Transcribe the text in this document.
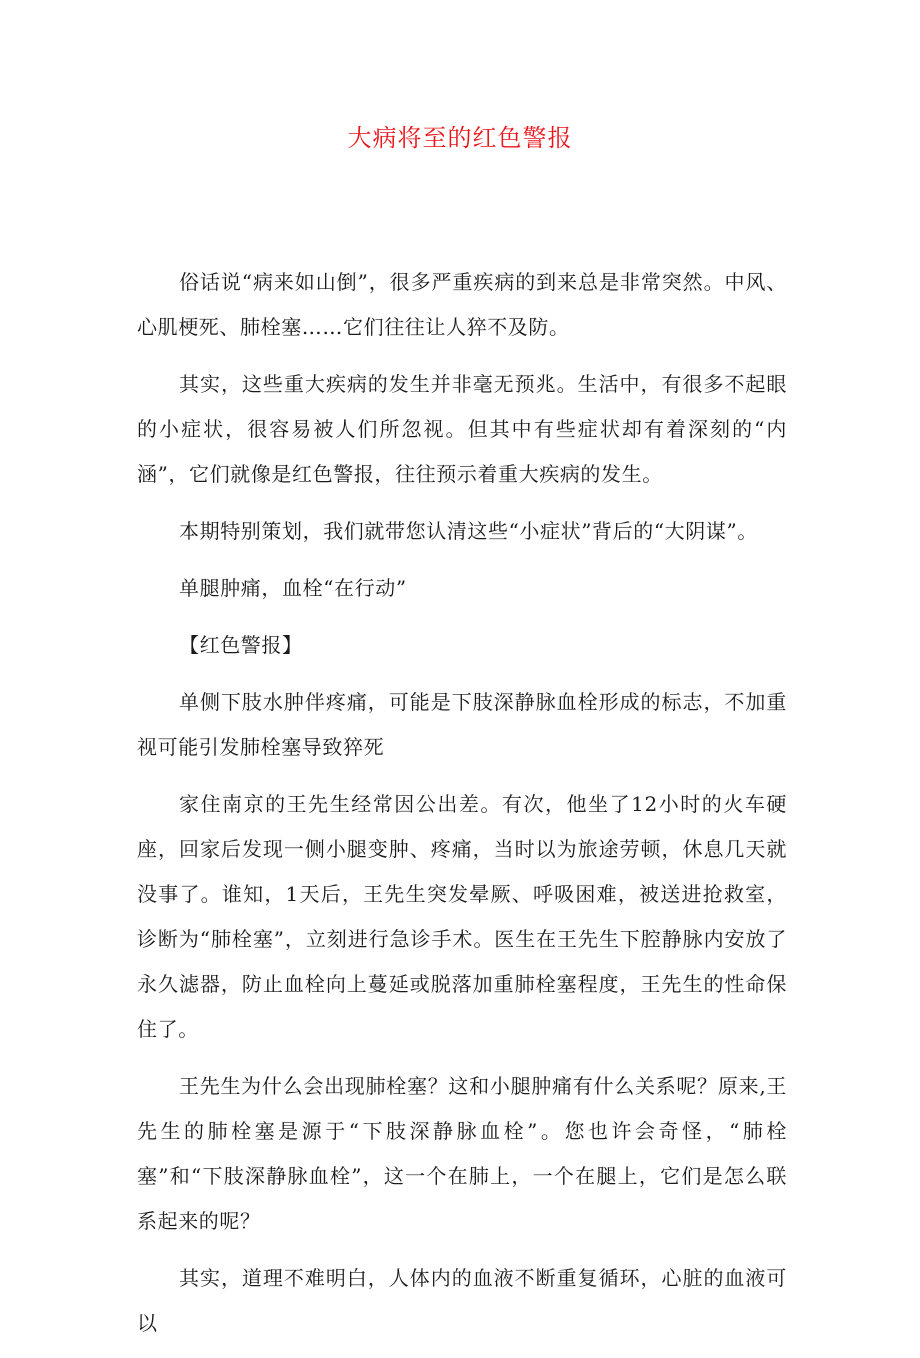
大病将至的红色警报

俗话说“病来如山倒”，很多严重疾病的到来总是非常突然。中风、心肌梗死、肺栓塞……它们往往让人猝不及防。

其实，这些重大疾病的发生并非毫无预兆。生活中，有很多不起眼的小症状，很容易被人们所忽视。但其中有些症状却有着深刻的“内涵”，它们就像是红色警报，往往预示着重大疾病的发生。

本期特别策划，我们就带您认清这些“小症状”背后的“大阴谋”。

单腿肿痛，血栓“在行动”

【红色警报】

单侧下肢水肿伴疼痛，可能是下肢深静脉血栓形成的标志，不加重视可能引发肺栓塞导致猝死

家住南京的王先生经常因公出差。有次，他坐了12小时的火车硬座，回家后发现一侧小腿变肿、疼痛，当时以为旅途劳顿，休息几天就没事了。谁知，1天后，王先生突发晕厥、呼吸困难，被送进抢救室，诊断为“肺栓塞”，立刻进行急诊手术。医生在王先生下腔静脉内安放了永久滤器，防止血栓向上蔓延或脱落加重肺栓塞程度，王先生的性命保住了。

王先生为什么会出现肺栓塞？这和小腿肿痛有什么关系呢？原来,王先生的肺栓塞是源于“下肢深静脉血栓”。您也许会奇怪，“肺栓塞”和“下肢深静脉血栓”，这一个在肺上，一个在腿上，它们是怎么联系起来的呢？

其实，道理不难明白，人体内的血液不断重复循环，心脏的血液可以
